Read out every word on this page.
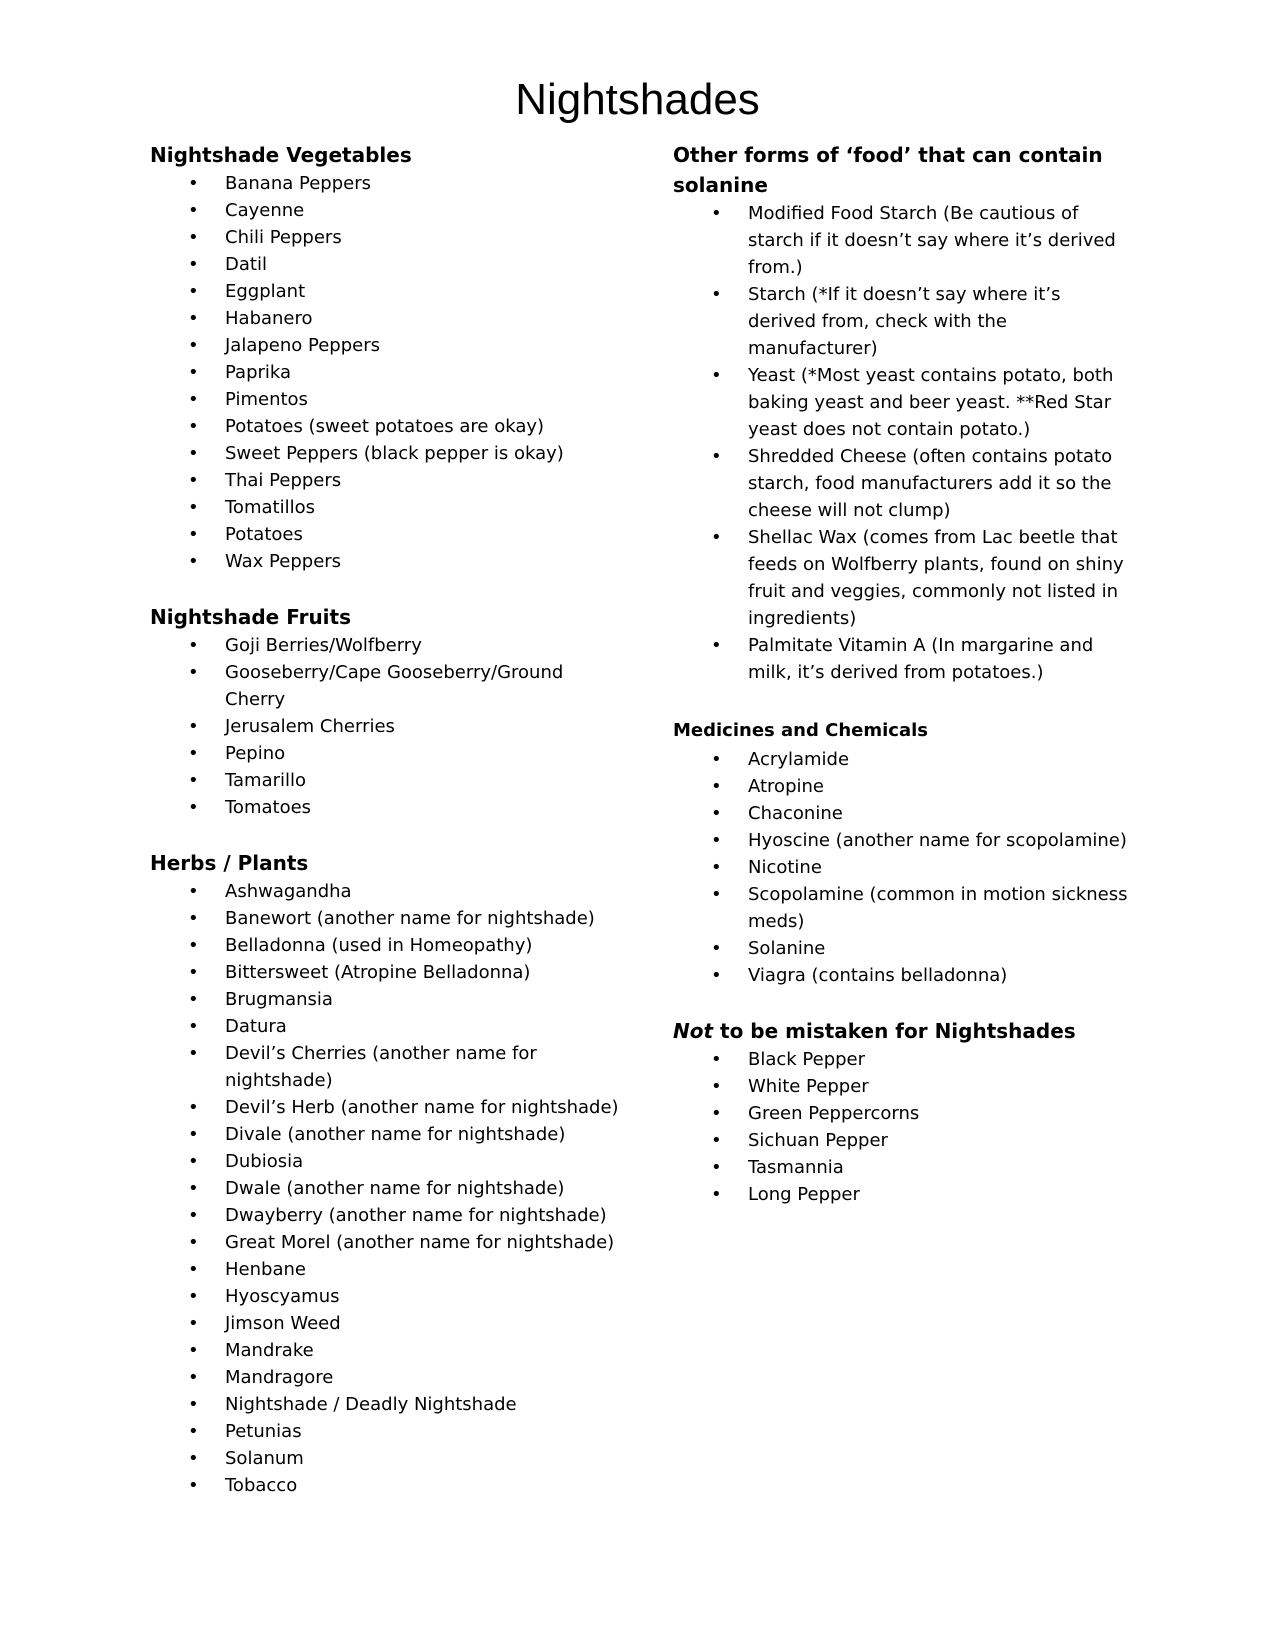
Nightshades
Nightshade Vegetables
• Banana Peppers
• Cayenne
• Chili Peppers
• Datil
• Eggplant
• Habanero
• Jalapeno Peppers
• Paprika
• Pimentos
• Potatoes (sweet potatoes are okay)
• Sweet Peppers (black pepper is okay)
• Thai Peppers
• Tomatillos
• Potatoes
• Wax Peppers
Nightshade Fruits
• Goji Berries/Wolfberry
• Gooseberry/Cape Gooseberry/Ground Cherry
• Jerusalem Cherries
• Pepino
• Tamarillo
• Tomatoes
Herbs / Plants
• Ashwagandha
• Banewort (another name for nightshade)
• Belladonna (used in Homeopathy)
• Bittersweet (Atropine Belladonna)
• Brugmansia
• Datura
• Devil’s Cherries (another name for nightshade)
• Devil’s Herb (another name for nightshade)
• Divale (another name for nightshade)
• Dubiosia
• Dwale (another name for nightshade)
• Dwayberry (another name for nightshade)
• Great Morel (another name for nightshade)
• Henbane
• Hyoscyamus
• Jimson Weed
• Mandrake
• Mandragore
• Nightshade / Deadly Nightshade
• Petunias
• Solanum
• Tobacco
Other forms of ‘food’ that can contain solanine
• Modified Food Starch (Be cautious of starch if it doesn’t say where it’s derived from.)
• Starch (*If it doesn’t say where it’s derived from, check with the manufacturer)
• Yeast (*Most yeast contains potato, both baking yeast and beer yeast. **Red Star yeast does not contain potato.)
• Shredded Cheese (often contains potato starch, food manufacturers add it so the cheese will not clump)
• Shellac Wax (comes from Lac beetle that feeds on Wolfberry plants, found on shiny fruit and veggies, commonly not listed in ingredients)
• Palmitate Vitamin A (In margarine and milk, it’s derived from potatoes.)
Medicines and Chemicals
• Acrylamide
• Atropine
• Chaconine
• Hyoscine (another name for scopolamine)
• Nicotine
• Scopolamine (common in motion sickness meds)
• Solanine
• Viagra (contains belladonna)
Not to be mistaken for Nightshades
• Black Pepper
• White Pepper
• Green Peppercorns
• Sichuan Pepper
• Tasmannia
• Long Pepper
